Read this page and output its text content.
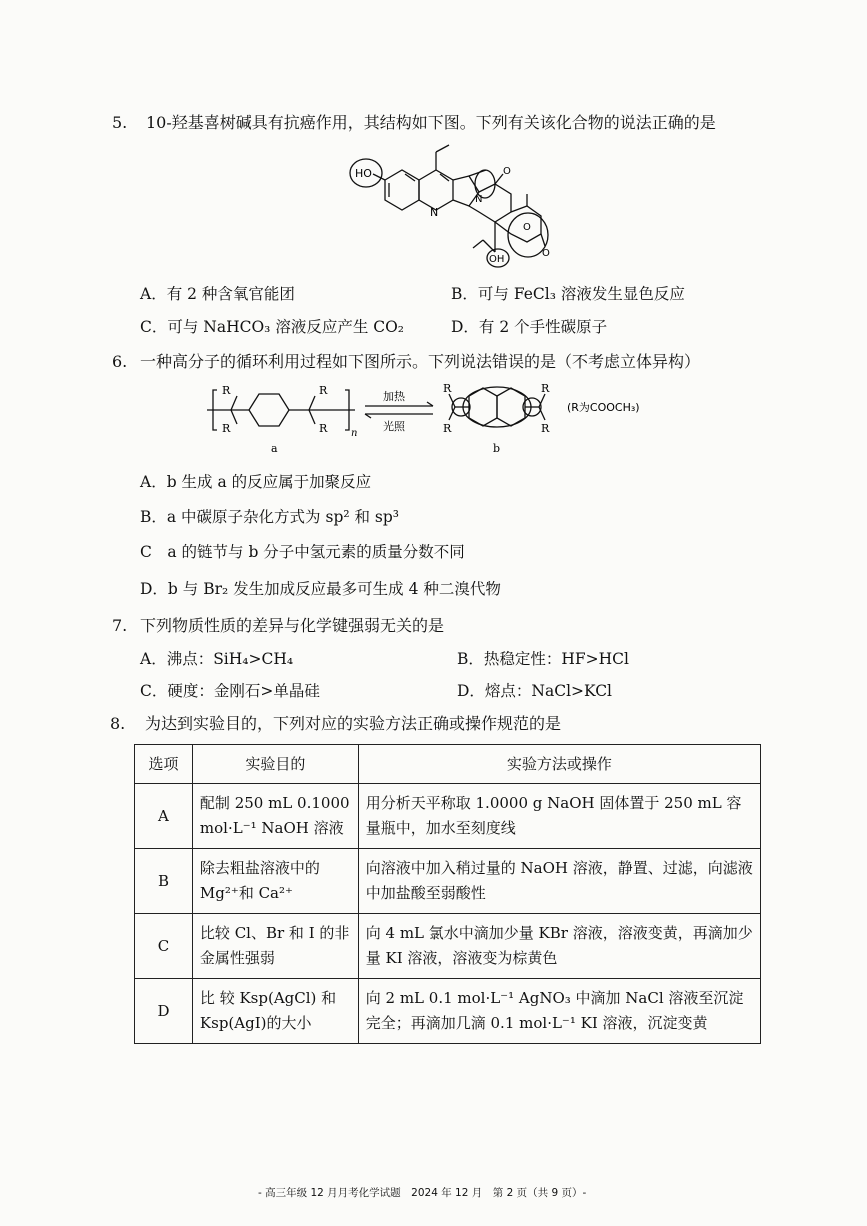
5. 10-羟基喜树碱具有抗癌作用，其结构如下图。下列有关该化合物的说法正确的是
HO
N
N
O
O
O
OH
A．有 2 种含氧官能团	B．可与 FeCl₃ 溶液发生显色反应
C．可与 NaHCO₃ 溶液反应产生 CO₂	D．有 2 个手性碳原子
6. 一种高分子的循环利用过程如下图所示。下列说法错误的是（不考虑立体异构）
R
R
R
R n
加热
光照
R
R
R
R
(R为COOCH₃)
a	b
A．b 生成 a 的反应属于加聚反应
B．a 中碳原子杂化方式为 sp² 和 sp³
C　a 的链节与 b 分子中氢元素的质量分数不同
D．b 与 Br₂ 发生加成反应最多可生成 4 种二溴代物
7. 下列物质性质的差异与化学键强弱无关的是
A．沸点：SiH₄>CH₄	B．热稳定性：HF>HCl
C．硬度：金刚石>单晶硅	D．熔点：NaCl>KCl
8. 为达到实验目的，下列对应的实验方法正确或操作规范的是
选项	实验目的	实验方法或操作
A	配制 250 mL 0.1000 mol·L⁻¹ NaOH 溶液	用分析天平称取 1.0000 g NaOH 固体置于 250 mL 容量瓶中，加水至刻度线
B	除去粗盐溶液中的 Mg²⁺和 Ca²⁺	向溶液中加入稍过量的 NaOH 溶液，静置、过滤，向滤液中加盐酸至弱酸性
C	比较 Cl、Br 和 I 的非金属性强弱	向 4 mL 氯水中滴加少量 KBr 溶液，溶液变黄，再滴加少量 KI 溶液，溶液变为棕黄色
D	比 较 Ksp(AgCl) 和 Ksp(AgI)的大小	向 2 mL 0.1 mol·L⁻¹ AgNO₃ 中滴加 NaCl 溶液至沉淀完全；再滴加几滴 0.1 mol·L⁻¹ KI 溶液，沉淀变黄
- 高三年级 12 月月考化学试题　2024 年 12 月　第 2 页（共 9 页）-
